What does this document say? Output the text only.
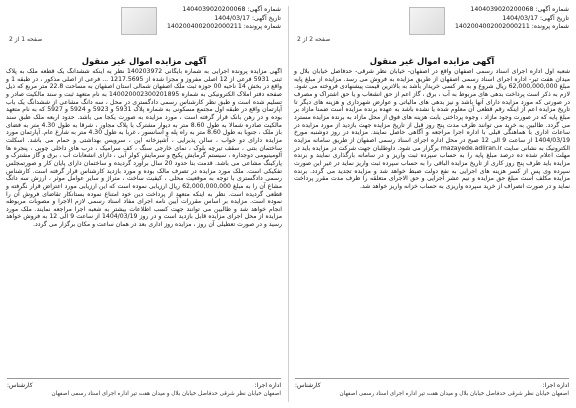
شماره آگهی: 1404039020200068
تاریخ آگهی: 1404/03/17
شماره پرونده: 1402004002002000211
صفحه 2 از 2
آگهی مزایده اموال غیر منقول
شعبه اول اداره اجرای اسناد رسمی اصفهان واقع در اصفهان- خیابان نظر شرقی- حدفاصل خیابان بلال و میدان هفت تیر- اداره اجرای اسناد رسمی اصفهان از طریق مزایده به فروش می رسد. مزایده از مبلغ پایه مبلغ 62,000,000,000 ریال شروع و به هر کسی خریدار باشد به بالاترین قیمت پیشنهادی فروخته می شود. لازم به ذکر است پرداخت بدهی های مربوط به آب ، برق ، گاز اعم از حق انشعاب و یا حق اشتراک و مصرف در صورتی که مورد مزایده دارای آنها باشد و نیز بدهی های مالیاتی و عوارض شهرداری و هزینه های دیگر تا تاریخ مزایده اعم از اینکه رقم قطعی آن معلوم شده یا نشده باشد به عهده برنده مزایده است ضمنا مازاد بر مبلغ پایه که در صورت وجود مازاد ، وجوه پرداختی بابت هزینه های فوق از محل مازاد به برنده مزایده مسترد می گردد. طالبین به خرید می توانند ظرف مدت پنج روز قبل از تاریخ مزایده جهت بازدید از مورد مزایده در ساعات اداری با هماهنگی قبلی با اداره اجرا مراجعه و آگاهی حاصل نمایند. مزایده در روز دوشنبه مورخ 1404/03/19 از ساعت 9 الی 12 صبح در محل اداره اجرای اسناد رسمی اصفهان از طریق سامانه مزایده الکترونیک به نشانی سایت mazayede.adliran.ir برگزار می شود. داوطلبان جهت شرکت در مزایده باید در مهلت اعلام شده ده درصد مبلغ پایه را به حساب سپرده ثبت واریز و در سامانه بارگذاری نمایند و برنده مزایده باید ظرف پنج روز کاری از تاریخ مزایده الباقی را به حساب سپرده ثبت واریز نماید در غیر این صورت سپرده وی پس از کسر هزینه های اجرایی به نفع دولت ضبط خواهد شد و مزایده تجدید می گردد. برنده مزایده مکلف است مبلغ حق مزایده و نیم عشر اجرایی و حق الاجرای متعلقه را ظرف مدت مقرر پرداخت نماید و در صورت انصراف از خرید سپرده واریزی به حساب خزانه واریز خواهد شد.
اداره اجرا:
کارشناس:
اصفهان خیابان نظر شرقی حدفاصل خیابان بلال و میدان هفت تیر اداره اجرای اسناد رسمی اصفهان
شماره آگهی: 1404039020200068
تاریخ آگهی: 1404/03/17
شماره پرونده: 1402004002002000211
صفحه 1 از 2
آگهی مزایده اموال غیر منقول
آگهی مزایده پرونده اجرایی به شماره بایگانی 140203972 نظر به اینکه ششدانگ یک قطعه ملک به پلاک ثبتی 5931 فرعی از 12 اصلی مفروز و مجزا شده از 1217.5695 ... فرعی از اصلی مذکور ، در طبقه 1 و واقع در بخش 14 ناحیه 00 حوزه ثبت ملک اصفهان شمالی استان اصفهان به مساحت 22.8 متر مربع که ذیل صفحه دفتر املاک الکترونیکی به شماره 140020002300201895 به نام متعهد ثبت و سند مالکیت صادر و تسلیم شده است و طبق نظر کارشناس رسمی دادگستری در محل ، سه دانگ مشاعی از ششدانگ یک باب آپارتمان واقع در طبقه اول مجتمع مسکونی به شماره پلاک 5931 و 5923 و 5924 و 5927 که به نام متعهد بوده و در رهن بانک قرار گرفته است ، مورد مزایده به صورت یکجا می باشد. حدود اربعه ملک طبق سند مالکیت صادره شمالا به طول 8.60 متر به دیوار مشترک با پلاک مجاور ، شرقا به طول 4.30 متر به فضای باز ملک ، جنوبا به طول 8.60 متر به راه پله و آسانسور ، غربا به طول 4.30 متر به شارع عام. آپارتمان مورد مزایده دارای دو خواب ، سالن پذیرایی ، آشپزخانه اپن ، سرویس بهداشتی و حمام می باشد. اسکلت ساختمان بتنی ، سقف تیرچه بلوک ، نمای خارجی سنگ ، کف سرامیک ، درب های داخلی چوبی ، پنجره ها آلومینیومی دوجداره ، سیستم گرمایش پکیج و سرمایش کولر آبی ، دارای انشعابات آب ، برق و گاز مشترک و پارکینگ مشاعی می باشد. قدمت بنا حدود 20 سال برآورد گردیده و ساختمان دارای پایان کار و صورتمجلس تفکیکی است. ملک مورد مزایده در تصرف مالک بوده و مورد بازدید کارشناس قرار گرفته است. کارشناس رسمی دادگستری با توجه به موقعیت محلی ، کیفیت ساخت ، متراژ و سایر عوامل موثر ، ارزش سه دانگ مشاع آن را به مبلغ 62,000,000,000 ریال ارزیابی نموده است که این ارزیابی مورد اعتراض قرار نگرفته و قطعی گردیده است. نظر به اینکه متعهد از پرداخت دین خود امتناع نموده بستانکار تقاضای فروش آن را نموده است. مزایده بر اساس مقررات آیین نامه اجرای مفاد اسناد رسمی لازم الاجرا و مصوبات مربوطه انجام خواهد شد و طالبین می توانند جهت کسب اطلاعات بیشتر به شعبه اجرا مراجعه نمایند. ملک مورد مزایده از محل اجرای مزایده قابل بازدید است و در روز 1404/03/19 از ساعت 9 الی 12 به فروش خواهد رسید و در صورت تعطیلی آن روز ، مزایده روز اداری بعد در همان ساعت و مکان برگزار می گردد.
اداره اجرا:
کارشناس:
اصفهان خیابان نظر شرقی حدفاصل خیابان بلال و میدان هفت تیر اداره اجرای اسناد رسمی اصفهان
